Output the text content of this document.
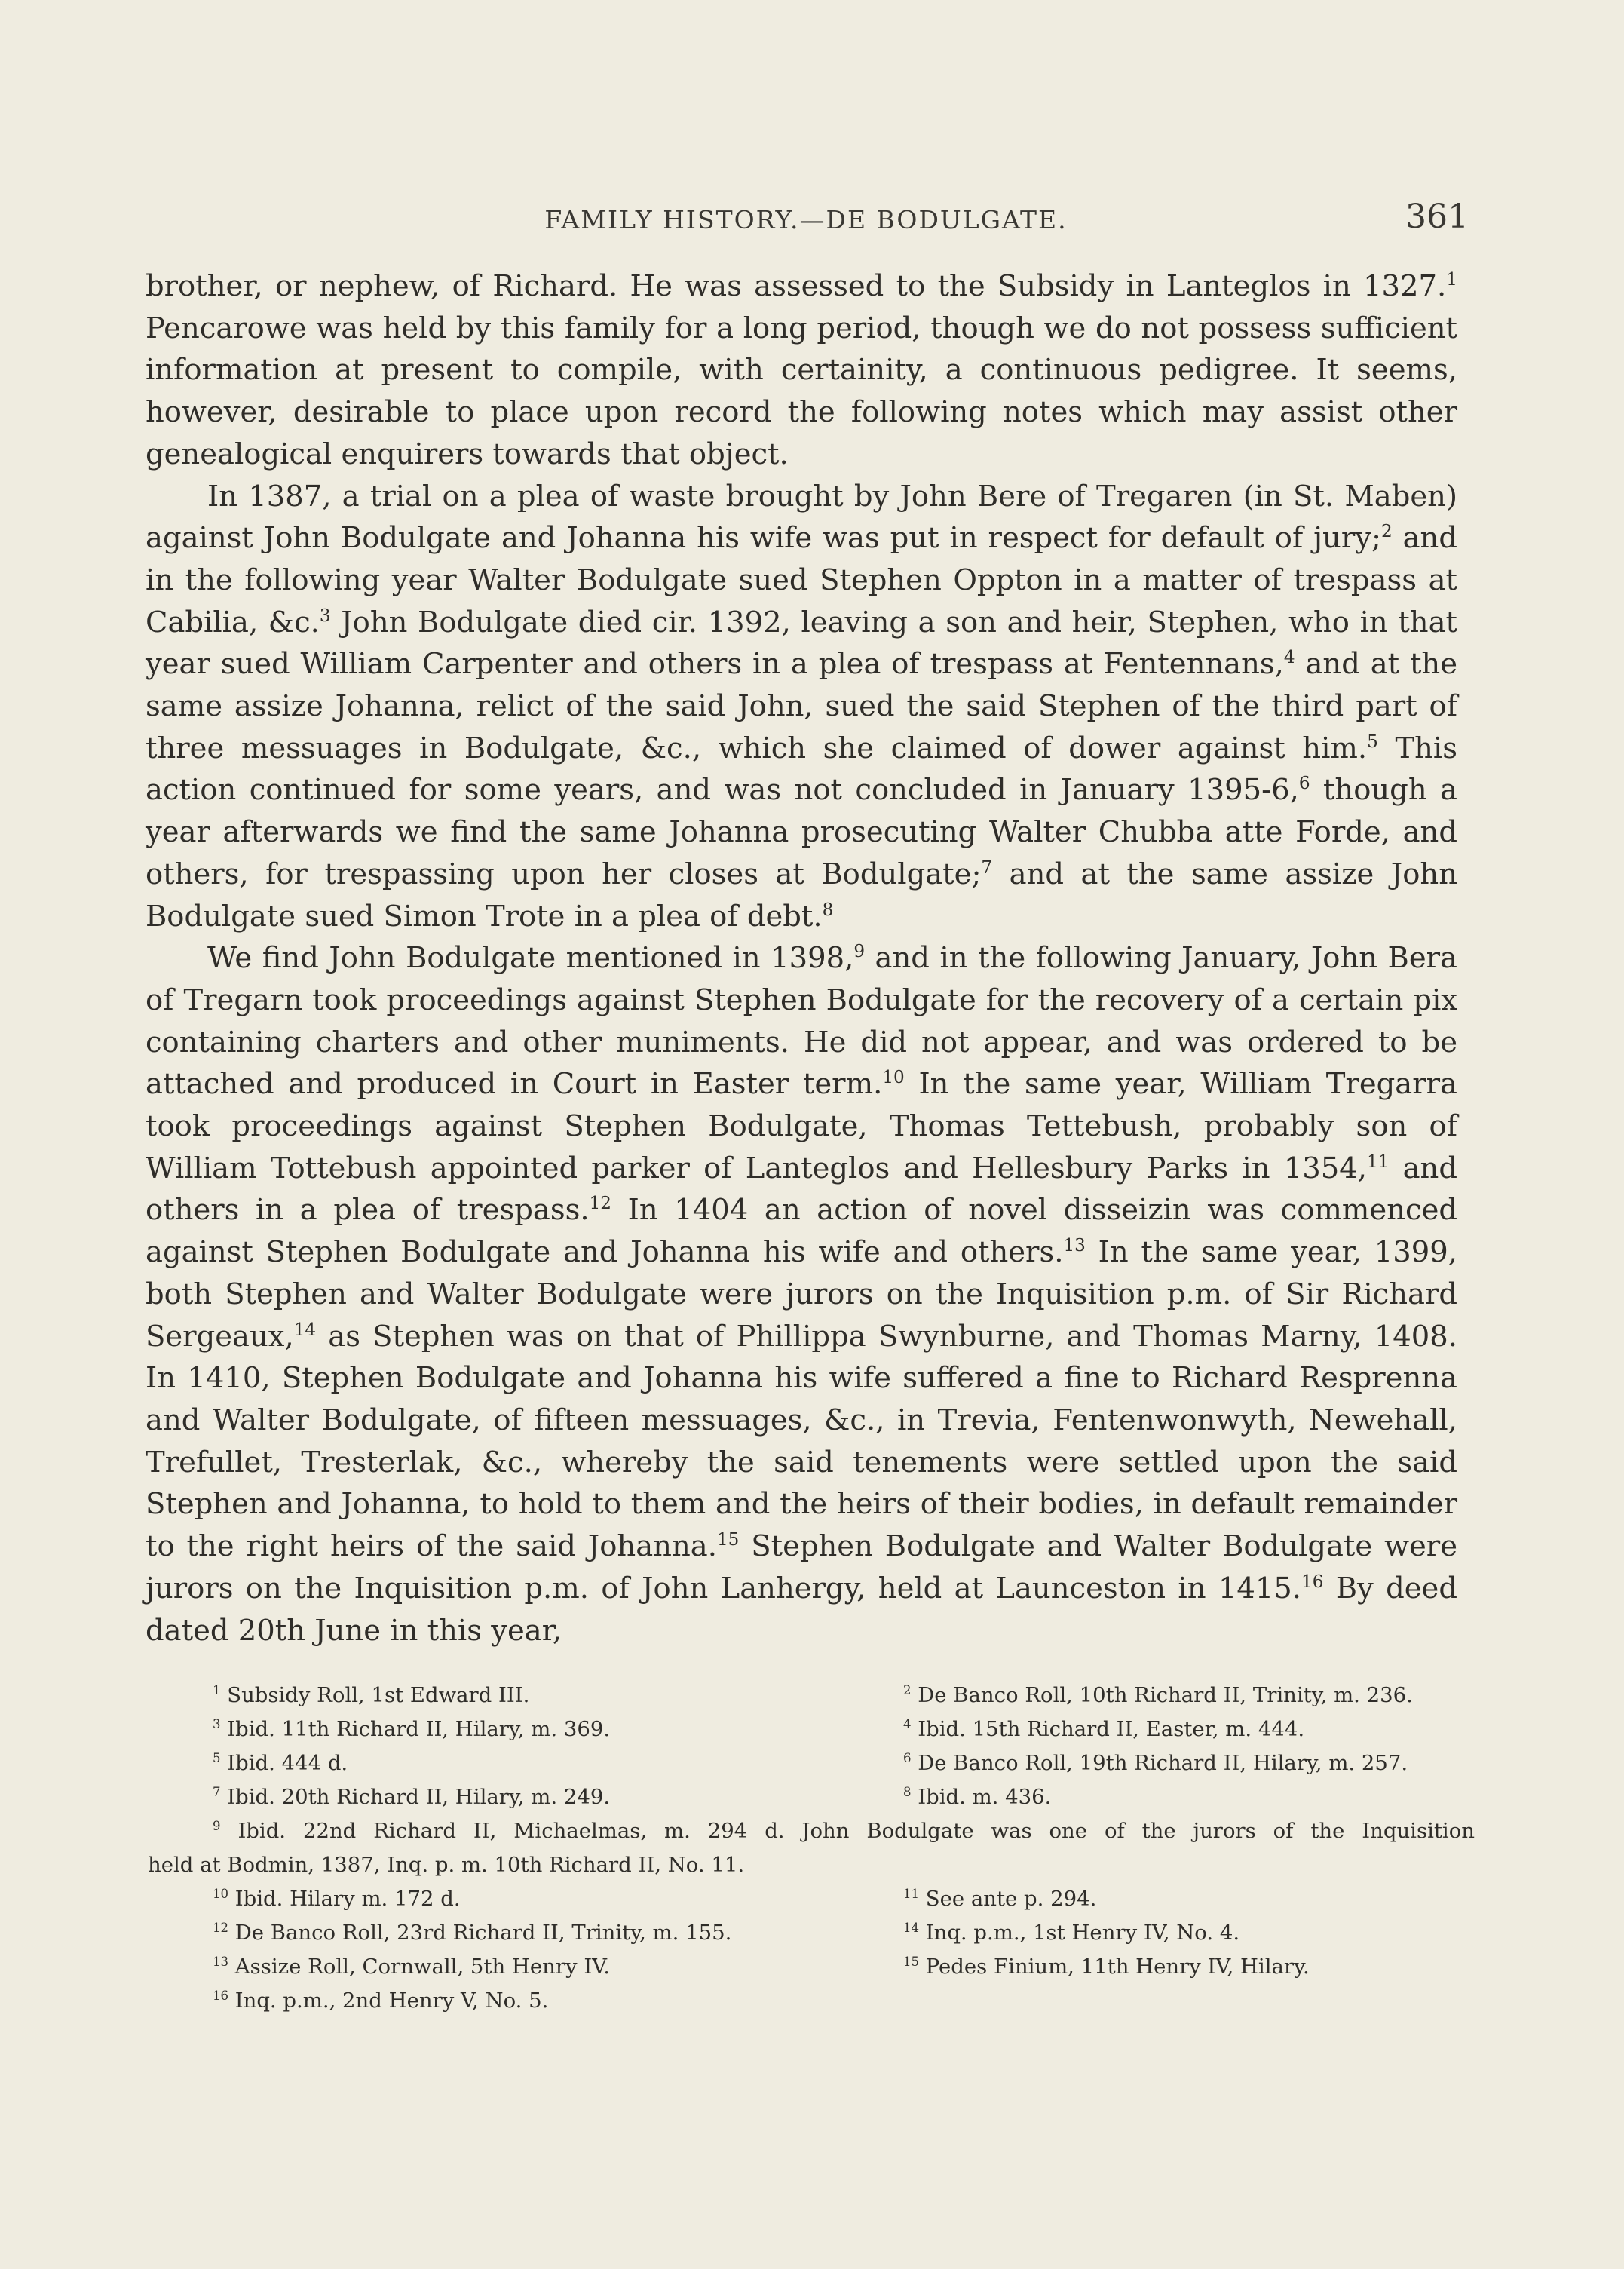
FAMILY HISTORY.—DE BODULGATE.	361

brother, or nephew, of Richard. He was assessed to the Subsidy in Lanteglos in 1327.$^1$ Pencarowe was held by this family for a long period, though we do not possess sufficient information at present to compile, with certainity, a continuous pedigree. It seems, however, desirable to place upon record the following notes which may assist other genealogical enquirers towards that object.

In 1387, a trial on a plea of waste brought by John Bere of Tregaren (in St. Maben) against John Bodulgate and Johanna his wife was put in respect for default of jury;$^2$ and in the following year Walter Bodulgate sued Stephen Oppton in a matter of trespass at Cabilia, &c.$^3$ John Bodulgate died cir. 1392, leaving a son and heir, Stephen, who in that year sued William Carpenter and others in a plea of trespass at Fentennans,$^4$ and at the same assize Johanna, relict of the said John, sued the said Stephen of the third part of three messuages in Bodulgate, &c., which she claimed of dower against him.$^5$ This action continued for some years, and was not concluded in January 1395-6,$^6$ though a year afterwards we find the same Johanna prosecuting Walter Chubba atte Forde, and others, for trespassing upon her closes at Bodulgate;$^7$ and at the same assize John Bodulgate sued Simon Trote in a plea of debt.$^8$

We find John Bodulgate mentioned in 1398,$^9$ and in the following January, John Bera of Tregarn took proceedings against Stephen Bodulgate for the recovery of a certain pix containing charters and other muniments. He did not appear, and was ordered to be attached and produced in Court in Easter term.$^{10}$ In the same year, William Tregarra took proceedings against Stephen Bodulgate, Thomas Tettebush, probably son of William Tottebush appointed parker of Lanteglos and Hellesbury Parks in 1354,11 and others in a plea of trespass.$^{12}$ In 1404 an action of novel disseizin was commenced against Stephen Bodulgate and Johanna his wife and others.$^{13}$ In the same year, 1399, both Stephen and Walter Bodulgate were jurors on the Inquisition p.m. of Sir Richard Sergeaux,$^{14}$ as Stephen was on that of Phillippa Swynburne, and Thomas Marny, 1408. In 1410, Stephen Bodulgate and Johanna his wife suffered a fine to Richard Resprenna and Walter Bodulgate, of fifteen messuages, &c., in Trevia, Fentenwonwyth, Newehall, Trefullet, Tresterlak, &c., whereby the said tenements were settled upon the said Stephen and Johanna, to hold to them and the heirs of their bodies, in default remainder to the right heirs of the said Johanna.$^{15}$ Stephen Bodulgate and Walter Bodulgate were jurors on the Inquisition p.m. of John Lanhergy, held at Launceston in 1415.16 By deed dated 20th June in this year,

$^1$ Subsidy Roll, 1st Edward III.	$^2$ De Banco Roll, 10th Richard II, Trinity, m. 236.
$^3$ Ibid. 11th Richard II, Hilary, m. 369.	$^4$ Ibid. 15th Richard II, Easter, m. 444.
$^5$ Ibid. 444 d.	$^6$ De Banco Roll, 19th Richard II, Hilary, m. 257.
$^7$ Ibid. 20th Richard II, Hilary, m. 249.	$^8$ Ibid. m. 436.
$^9$ Ibid. 22nd Richard II, Michaelmas, m. 294 d. John Bodulgate was one of the jurors of the Inquisition
held at Bodmin, 1387, Inq. p. m. 10th Richard II, No. 11.
$^{10}$ Ibid. Hilary m. 172 d.	$^{11}$ See ante p. 294.
$^{12}$ De Banco Roll, 23rd Richard II, Trinity, m. 155.	$^{14}$ Inq. p.m., 1st Henry IV, No. 4.
$^{13}$ Assize Roll, Cornwall, 5th Henry IV.	$^{15}$ Pedes Finium, 11th Henry IV, Hilary.
$^{16}$ Inq. p.m., 2nd Henry V, No. 5.
